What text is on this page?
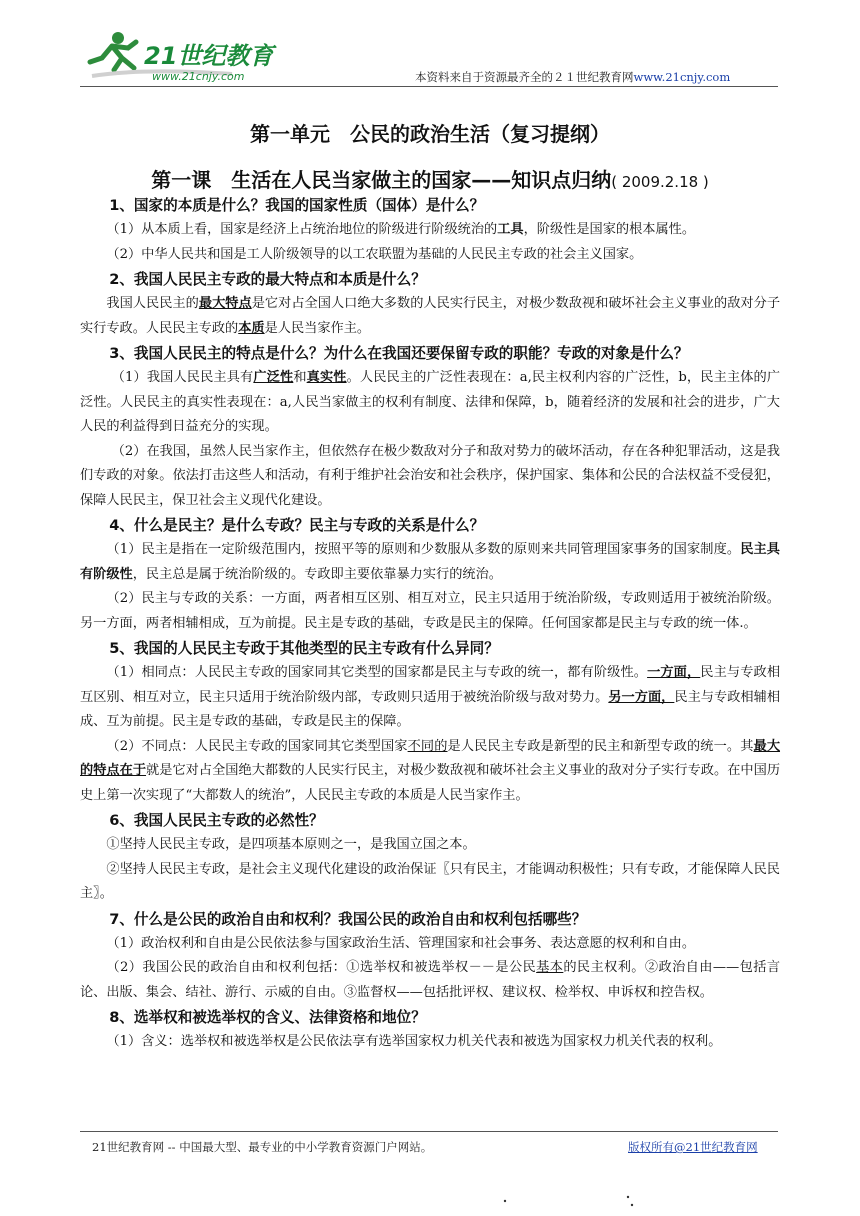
21世纪教育
www.21cnjy.com	本资料来自于资源最齐全的２１世纪教育网www.21cnjy.com
第一单元　公民的政治生活（复习提纲）
第一课　生活在人民当家做主的国家——知识点归纳( 2009.2.18 )

1、国家的本质是什么？我国的国家性质（国体）是什么？

（1）从本质上看，国家是经济上占统治地位的阶级进行阶级统治的工具，阶级性是国家的根本属性。

（2）中华人民共和国是工人阶级领导的以工农联盟为基础的人民民主专政的社会主义国家。

2、我国人民民主专政的最大特点和本质是什么？

我国人民民主的最大特点是它对占全国人口绝大多数的人民实行民主，对极少数敌视和破坏社会主义事业的敌对分子实行专政。人民民主专政的本质是人民当家作主。

3、我国人民民主的特点是什么？为什么在我国还要保留专政的职能？专政的对象是什么？

（1）我国人民民主具有广泛性和真实性。人民民主的广泛性表现在：a,民主权利内容的广泛性，b，民主主体的广泛性。人民民主的真实性表现在：a,人民当家做主的权利有制度、法律和保障，b，随着经济的发展和社会的进步，广大人民的利益得到日益充分的实现。

（2）在我国，虽然人民当家作主，但依然存在极少数敌对分子和敌对势力的破坏活动，存在各种犯罪活动，这是我们专政的对象。依法打击这些人和活动，有利于维护社会治安和社会秩序，保护国家、集体和公民的合法权益不受侵犯，保障人民民主，保卫社会主义现代化建设。

4、什么是民主？是什么专政？民主与专政的关系是什么？

（1）民主是指在一定阶级范围内，按照平等的原则和少数服从多数的原则来共同管理国家事务的国家制度。民主具有阶级性，民主总是属于统治阶级的。专政即主要依靠暴力实行的统治。

（2）民主与专政的关系：一方面，两者相互区别、相互对立，民主只适用于统治阶级，专政则适用于被统治阶级。另一方面，两者相辅相成，互为前提。民主是专政的基础，专政是民主的保障。任何国家都是民主与专政的统一体.。

5、我国的人民民主专政于其他类型的民主专政有什么异同？

（1）相同点：人民民主专政的国家同其它类型的国家都是民主与专政的统一，都有阶级性。一方面，民主与专政相互区别、相互对立，民主只适用于统治阶级内部，专政则只适用于被统治阶级与敌对势力。另一方面，民主与专政相辅相成、互为前提。民主是专政的基础，专政是民主的保障。

（2）不同点：人民民主专政的国家同其它类型国家不同的是人民民主专政是新型的民主和新型专政的统一。其最大的特点在于就是它对占全国绝大都数的人民实行民主，对极少数敌视和破坏社会主义事业的敌对分子实行专政。在中国历史上第一次实现了“大都数人的统治”，人民民主专政的本质是人民当家作主。

6、我国人民民主专政的必然性？

①坚持人民民主专政，是四项基本原则之一，是我国立国之本。

②坚持人民民主专政，是社会主义现代化建设的政治保证〖只有民主，才能调动积极性；只有专政，才能保障人民民主〗。

7、什么是公民的政治自由和权利？我国公民的政治自由和权利包括哪些？

（1）政治权利和自由是公民依法参与国家政治生活、管理国家和社会事务、表达意愿的权利和自由。

（2）我国公民的政治自由和权利包括：①选举权和被选举权－－是公民基本的民主权利。②政治自由——包括言论、出版、集会、结社、游行、示威的自由。③监督权——包括批评权、建议权、检举权、申诉权和控告权。

8、选举权和被选举权的含义、法律资格和地位？

（1）含义：选举权和被选举权是公民依法享有选举国家权力机关代表和被选为国家权力机关代表的权利。

21世纪教育网 -- 中国最大型、最专业的中小学教育资源门户网站。	版权所有@21世纪教育网
